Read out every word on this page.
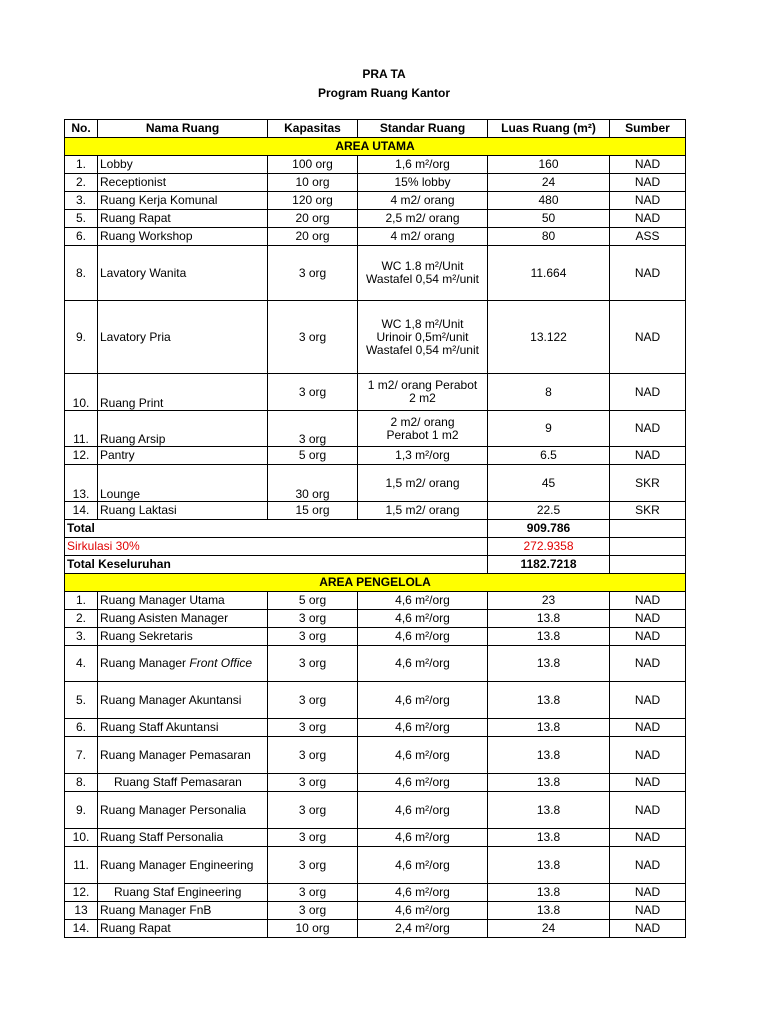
PRA TA
Program Ruang Kantor
No.	Nama Ruang	Kapasitas	Standar Ruang	Luas Ruang (m²)	Sumber
AREA UTAMA					
1.	Lobby	100 org	1,6 m²/org	160	NAD
2.	Receptionist	10 org	15% lobby	24	NAD
3.	Ruang Kerja Komunal	120 org	4 m2/ orang	480	NAD
5.	Ruang Rapat	20 org	2,5 m2/ orang	50	NAD
6.	Ruang Workshop	20 org	4 m2/ orang	80	ASS
8.	Lavatory Wanita	3 org	WC 1.8 m²/Unit
Wastafel 0,54 m²/unit	11.664	NAD
9.	Lavatory Pria	3 org	WC 1,8 m²/Unit
Urinoir 0,5m²/unit
Wastafel 0,54 m²/unit	13.122	NAD
10.	Ruang Print	3 org	1 m2/ orang Perabot
2 m2	8	NAD
11.	Ruang Arsip	3 org	2 m2/ orang
Perabot 1 m2	9	NAD
12.	Pantry	5 org	1,3 m²/org	6.5	NAD
13.	Lounge	30 org	1,5 m2/ orang	45	SKR
14.	Ruang Laktasi	15 org	1,5 m2/ orang	22.5	SKR
Total				909.786	
Sirkulasi 30%				272.9358	
Total Keseluruhan				1182.7218	
AREA PENGELOLA					
1.	Ruang Manager Utama	5 org	4,6 m²/org	23	NAD
2.	Ruang Asisten Manager	3 org	4,6 m²/org	13.8	NAD
3.	Ruang Sekretaris	3 org	4,6 m²/org	13.8	NAD
4.	Ruang Manager Front Office	3 org	4,6 m²/org	13.8	NAD
5.	Ruang Manager Akuntansi	3 org	4,6 m²/org	13.8	NAD
6.	Ruang Staff Akuntansi	3 org	4,6 m²/org	13.8	NAD
7.	Ruang Manager Pemasaran	3 org	4,6 m²/org	13.8	NAD
8.	Ruang Staff Pemasaran	3 org	4,6 m²/org	13.8	NAD
9.	Ruang Manager Personalia	3 org	4,6 m²/org	13.8	NAD
10.	Ruang Staff Personalia	3 org	4,6 m²/org	13.8	NAD
11.	Ruang Manager Engineering	3 org	4,6 m²/org	13.8	NAD
12.	Ruang Staf Engineering	3 org	4,6 m²/org	13.8	NAD
13	Ruang Manager FnB	3 org	4,6 m²/org	13.8	NAD
14.	Ruang Rapat	10 org	2,4 m²/org	24	NAD
